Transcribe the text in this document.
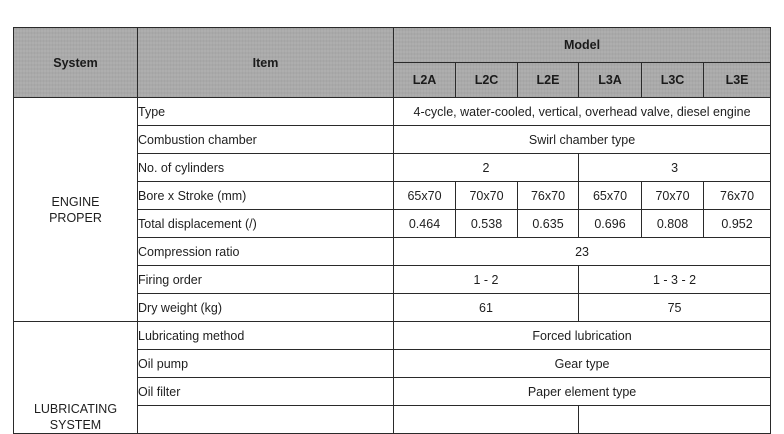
System	Item	Model					
		L2A	L2C	L2E	L3A	L3C	L3E

ENGINE
PROPER	Type	4-cycle, water-cooled, vertical, overhead valve, diesel engine					
	Combustion chamber	Swirl chamber type					
	No. of cylinders	2			3		
	Bore x Stroke (mm)	65x70	70x70	76x70	65x70	70x70	76x70
	Total displacement (/)	0.464	0.538	0.635	0.696	0.808	0.952
	Compression ratio	23					
	Firing order	1 - 2			1 - 3 - 2		
	Dry weight (kg)	61			75		

LUBRICATING
SYSTEM	Lubricating method	Forced lubrication					
	Oil pump	Gear type					
	Oil filter	Paper element type					
